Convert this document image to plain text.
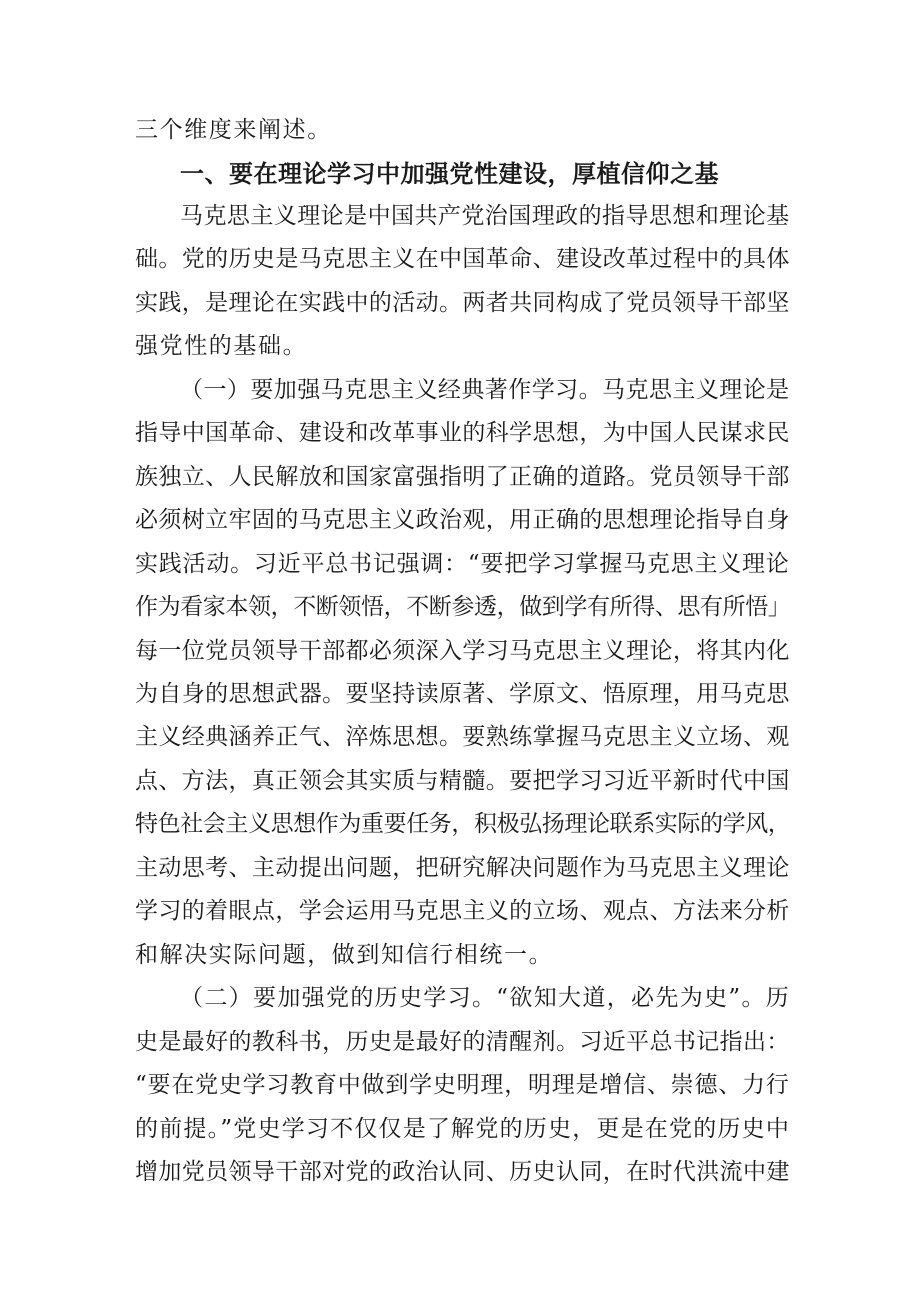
三个维度来阐述。
一、要在理论学习中加强党性建设，厚植信仰之基
马克思主义理论是中国共产党治国理政的指导思想和理论基
础。党的历史是马克思主义在中国革命、建设改革过程中的具体
实践，是理论在实践中的活动。两者共同构成了党员领导干部坚
强党性的基础。
（一）要加强马克思主义经典著作学习。马克思主义理论是
指导中国革命、建设和改革事业的科学思想，为中国人民谋求民
族独立、人民解放和国家富强指明了正确的道路。党员领导干部
必须树立牢固的马克思主义政治观，用正确的思想理论指导自身
实践活动。习近平总书记强调：“要把学习掌握马克思主义理论
作为看家本领，不断领悟，不断参透，做到学有所得、思有所悟」
每一位党员领导干部都必须深入学习马克思主义理论，将其内化
为自身的思想武器。要坚持读原著、学原文、悟原理，用马克思
主义经典涵养正气、淬炼思想。要熟练掌握马克思主义立场、观
点、方法，真正领会其实质与精髓。要把学习习近平新时代中国
特色社会主义思想作为重要任务，积极弘扬理论联系实际的学风，
主动思考、主动提出问题，把研究解决问题作为马克思主义理论
学习的着眼点，学会运用马克思主义的立场、观点、方法来分析
和解决实际问题，做到知信行相统一。
（二）要加强党的历史学习。“欲知大道，必先为史”。历
史是最好的教科书，历史是最好的清醒剂。习近平总书记指出：
“要在党史学习教育中做到学史明理，明理是增信、崇德、力行
的前提。”党史学习不仅仅是了解党的历史，更是在党的历史中
增加党员领导干部对党的政治认同、历史认同，在时代洪流中建
